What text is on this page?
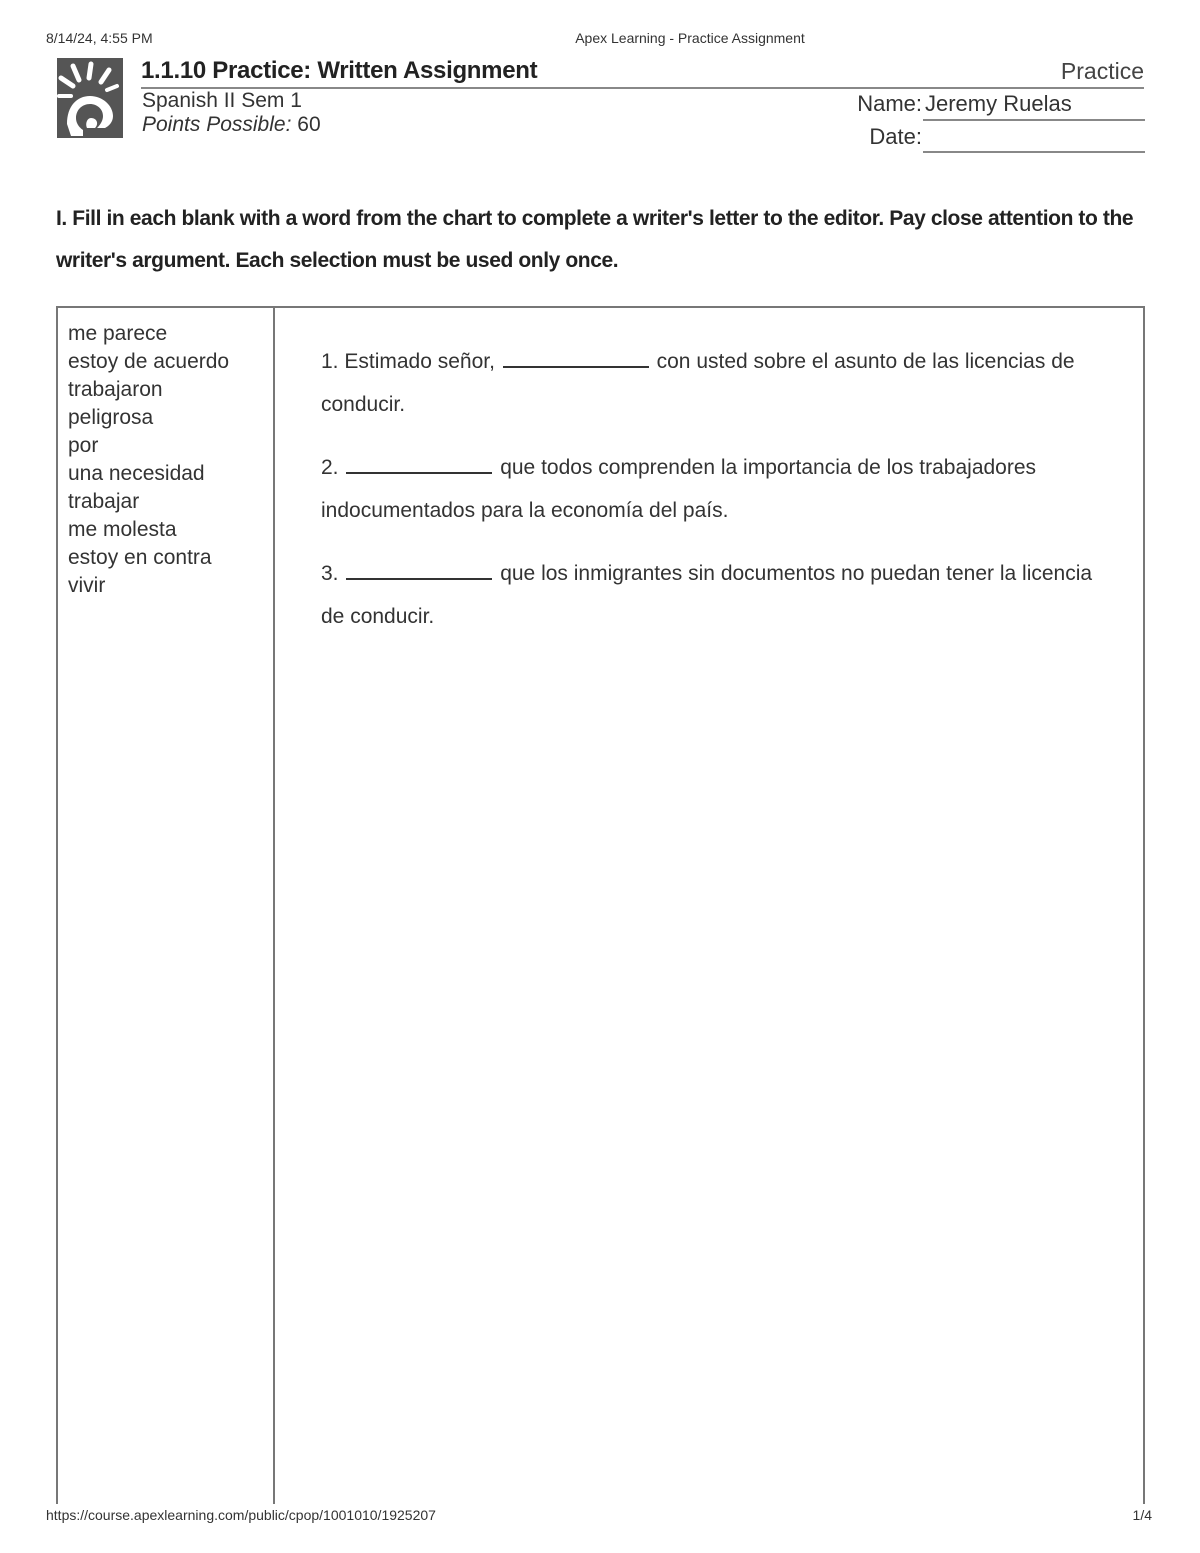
8/14/24, 4:55 PM	Apex Learning - Practice Assignment
1.1.10 Practice: Written Assignment	Practice
Spanish II Sem 1
Points Possible: 60
Name: Jeremy Ruelas
Date:
I. Fill in each blank with a word from the chart to complete a writer's letter to the editor. Pay close attention to the writer's argument. Each selection must be used only once.
me parece
estoy de acuerdo
trabajaron
peligrosa
por
una necesidad
trabajar
me molesta
estoy en contra
vivir
1. Estimado señor,	con usted sobre el asunto de las licencias de conducir.
2.	que todos comprenden la importancia de los trabajadores indocumentados para la economía del país.
3.	que los inmigrantes sin documentos no puedan tener la licencia de conducir.
https://course.apexlearning.com/public/cpop/1001010/1925207	1/4
